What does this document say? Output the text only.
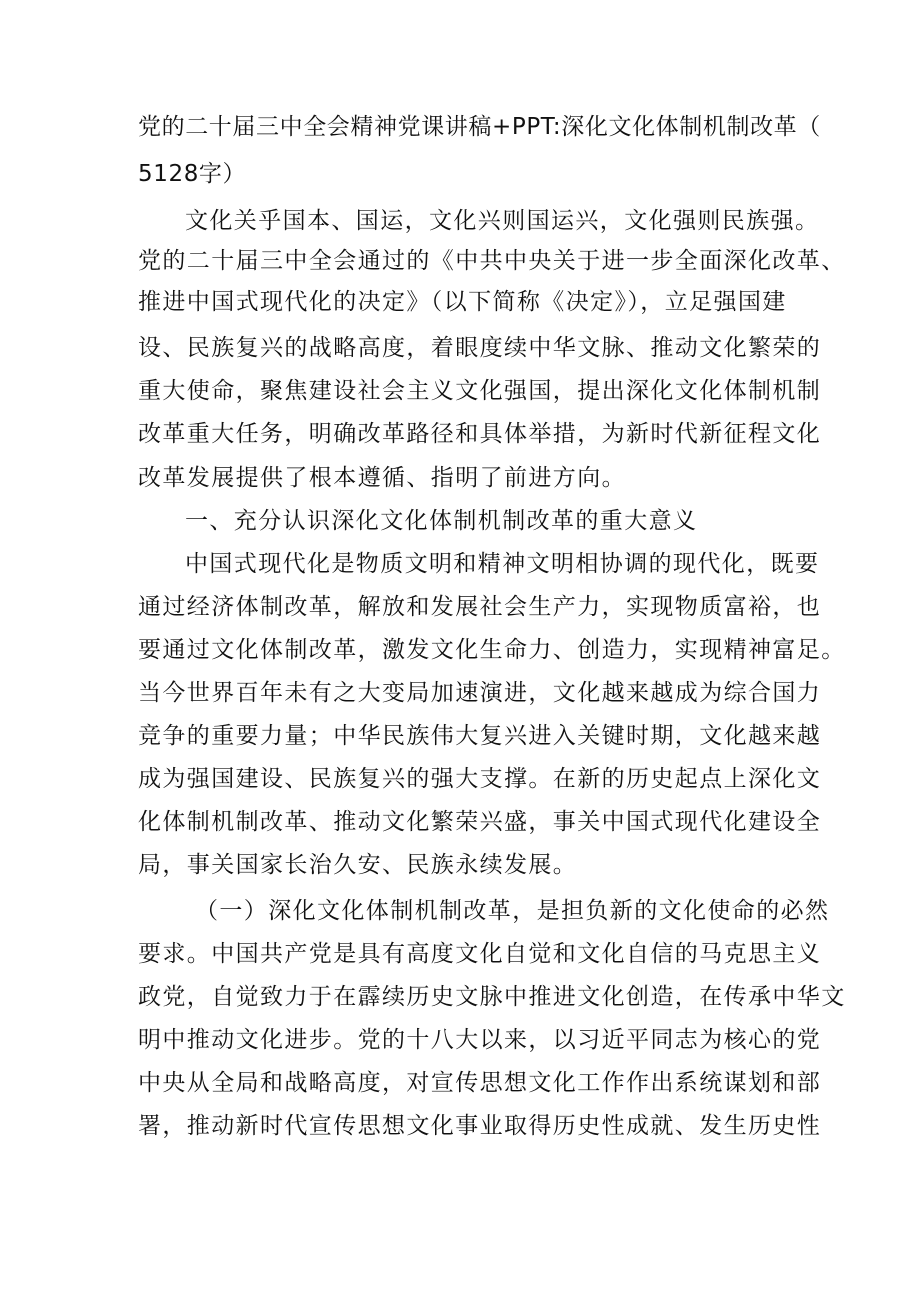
党的二十届三中全会精神党课讲稿+PPT:深化文化体制机制改革（
5128字）
文化关乎国本、国运，文化兴则国运兴，文化强则民族强。
党的二十届三中全会通过的《中共中央关于进一步全面深化改革、
推进中国式现代化的决定》（以下简称《决定》），立足强国建
设、民族复兴的战略高度，着眼度续中华文脉、推动文化繁荣的
重大使命，聚焦建设社会主义文化强国，提出深化文化体制机制
改革重大任务，明确改革路径和具体举措，为新时代新征程文化
改革发展提供了根本遵循、指明了前进方向。
一、充分认识深化文化体制机制改革的重大意义
中国式现代化是物质文明和精神文明相协调的现代化，既要
通过经济体制改革，解放和发展社会生产力，实现物质富裕，也
要通过文化体制改革，激发文化生命力、创造力，实现精神富足。
当今世界百年未有之大变局加速演进，文化越来越成为综合国力
竞争的重要力量；中华民族伟大复兴进入关键时期，文化越来越
成为强国建设、民族复兴的强大支撑。在新的历史起点上深化文
化体制机制改革、推动文化繁荣兴盛，事关中国式现代化建设全
局，事关国家长治久安、民族永续发展。
（一）深化文化体制机制改革，是担负新的文化使命的必然
要求。中国共产党是具有高度文化自觉和文化自信的马克思主义
政党，自觉致力于在霹续历史文脉中推进文化创造，在传承中华文
明中推动文化进步。党的十八大以来，以习近平同志为核心的党
中央从全局和战略高度，对宣传思想文化工作作出系统谋划和部
署，推动新时代宣传思想文化事业取得历史性成就、发生历史性
